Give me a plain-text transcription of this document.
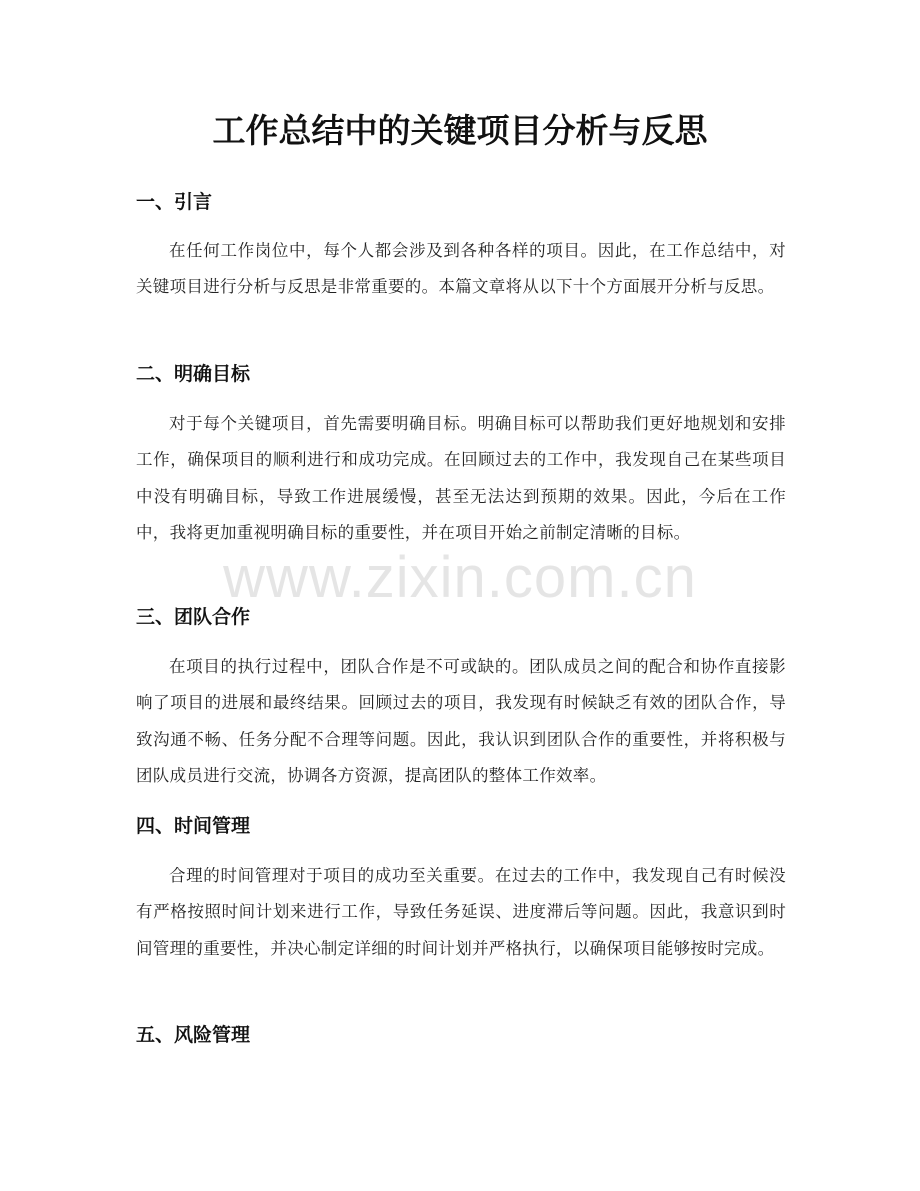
工作总结中的关键项目分析与反思
一、引言

在任何工作岗位中，每个人都会涉及到各种各样的项目。因此，在工作总结中，对关键项目进行分析与反思是非常重要的。本篇文章将从以下十个方面展开分析与反思。

二、明确目标

对于每个关键项目，首先需要明确目标。明确目标可以帮助我们更好地规划和安排工作，确保项目的顺利进行和成功完成。在回顾过去的工作中，我发现自己在某些项目中没有明确目标，导致工作进展缓慢，甚至无法达到预期的效果。因此，今后在工作中，我将更加重视明确目标的重要性，并在项目开始之前制定清晰的目标。

三、团队合作

在项目的执行过程中，团队合作是不可或缺的。团队成员之间的配合和协作直接影响了项目的进展和最终结果。回顾过去的项目，我发现有时候缺乏有效的团队合作，导致沟通不畅、任务分配不合理等问题。因此，我认识到团队合作的重要性，并将积极与团队成员进行交流，协调各方资源，提高团队的整体工作效率。

四、时间管理

合理的时间管理对于项目的成功至关重要。在过去的工作中，我发现自己有时候没有严格按照时间计划来进行工作，导致任务延误、进度滞后等问题。因此，我意识到时间管理的重要性，并决心制定详细的时间计划并严格执行，以确保项目能够按时完成。

五、风险管理
www.zixin.com.cn
